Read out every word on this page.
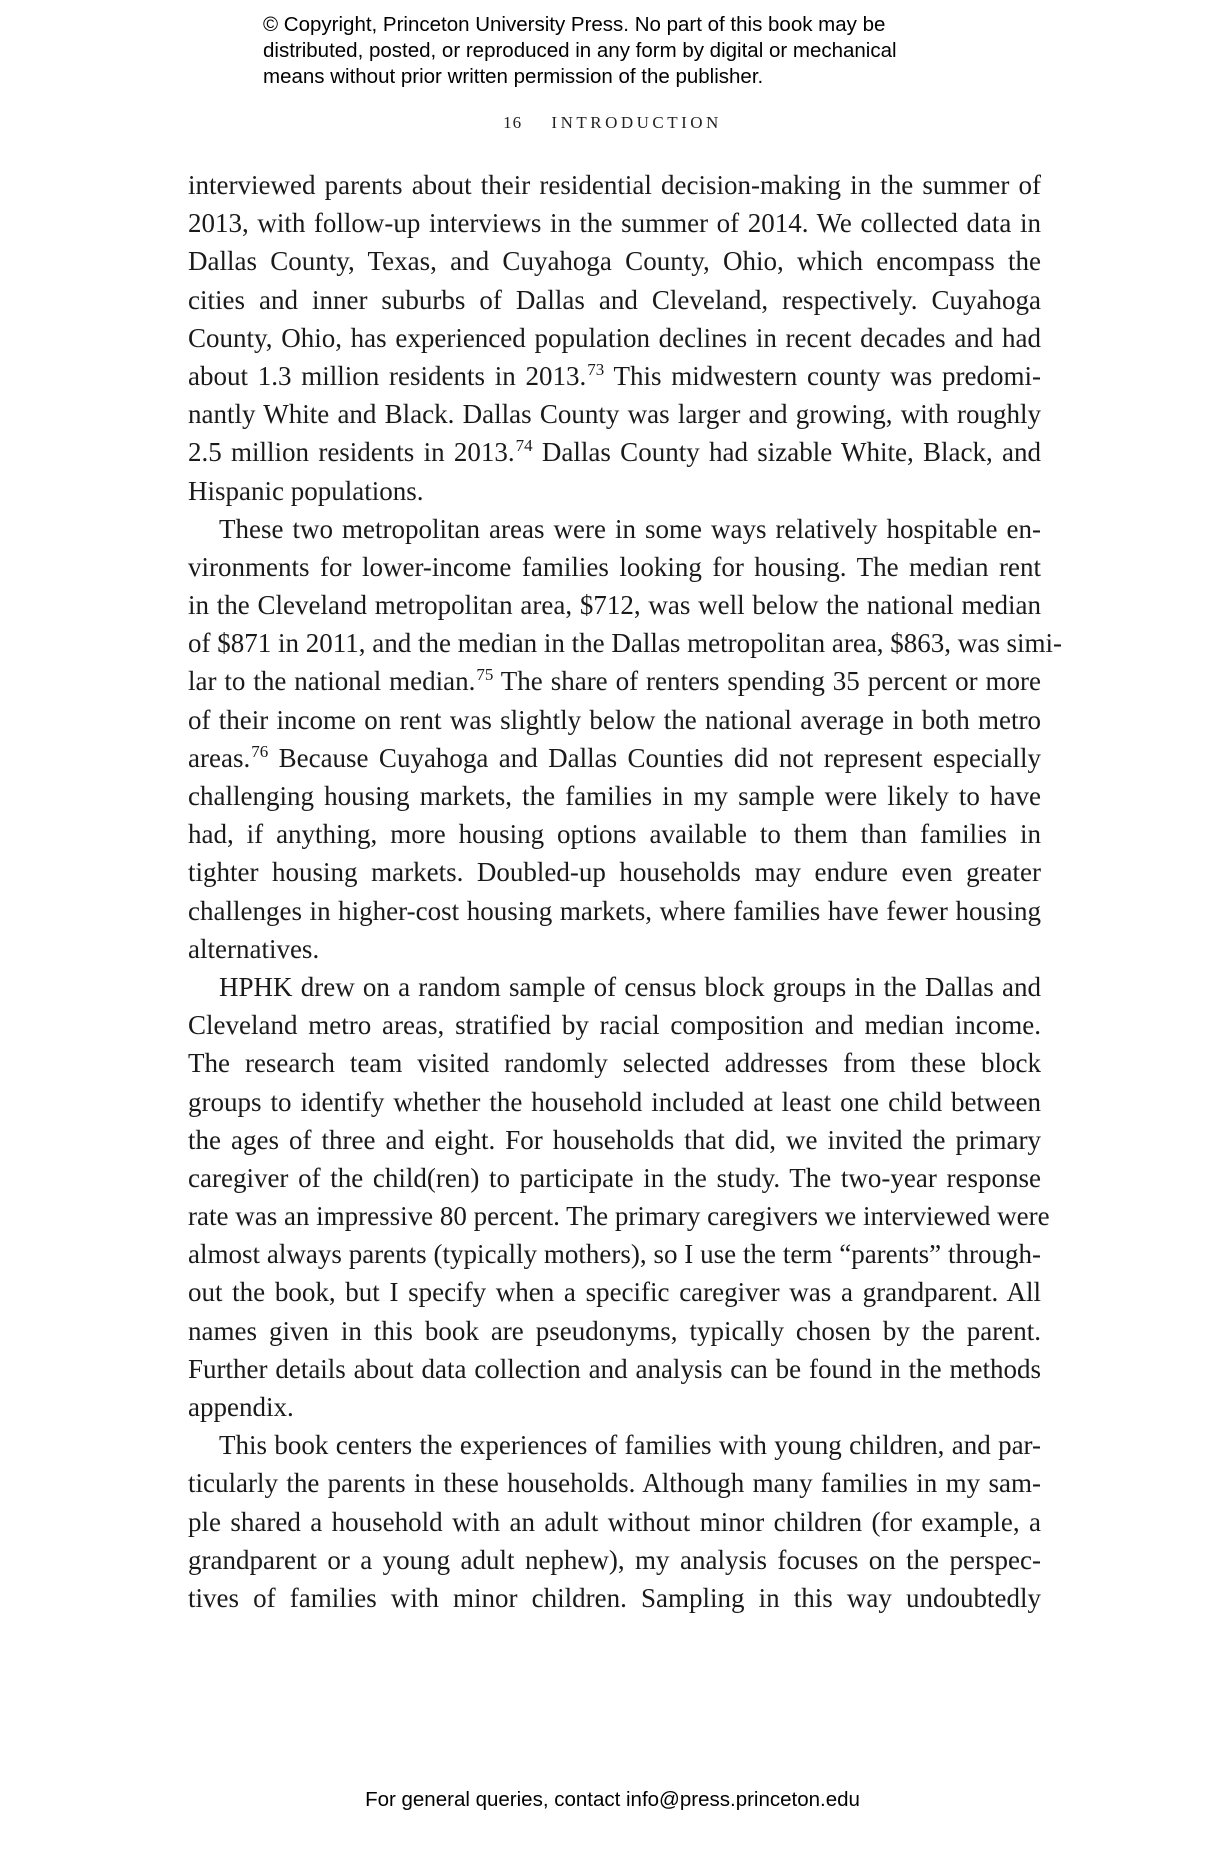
© Copyright, Princeton University Press. No part of this book may be
distributed, posted, or reproduced in any form by digital or mechanical
means without prior written permission of the publisher.
16 INTRODUCTION
interviewed parents about their residential decision-making in the summer of
2013, with follow-up interviews in the summer of 2014. We collected data in
Dallas County, Texas, and Cuyahoga County, Ohio, which encompass the
cities and inner suburbs of Dallas and Cleveland, respectively. Cuyahoga
County, Ohio, has experienced population declines in recent decades and had
about 1.3 million residents in 2013.73 This midwestern county was predomi-
nantly White and Black. Dallas County was larger and growing, with roughly
2.5 million residents in 2013.74 Dallas County had sizable White, Black, and
Hispanic populations.
These two metropolitan areas were in some ways relatively hospitable en-
vironments for lower-income families looking for housing. The median rent
in the Cleveland metropolitan area, $712, was well below the national median
of $871 in 2011, and the median in the Dallas metropolitan area, $863, was simi-
lar to the national median.$^{75}$ The share of renters spending 35 percent or more
of their income on rent was slightly below the national average in both metro
areas.$^{76}$ Because Cuyahoga and Dallas Counties did not represent especially
challenging housing markets, the families in my sample were likely to have
had, if anything, more housing options available to them than families in
tighter housing markets. Doubled-up households may endure even greater
challenges in higher-cost housing markets, where families have fewer housing
alternatives.
HPHK drew on a random sample of census block groups in the Dallas and
Cleveland metro areas, stratified by racial composition and median income.
The research team visited randomly selected addresses from these block
groups to identify whether the household included at least one child between
the ages of three and eight. For households that did, we invited the primary
caregiver of the child(ren) to participate in the study. The two-year response
rate was an impressive 80 percent. The primary caregivers we interviewed were
almost always parents (typically mothers), so I use the term “parents” through-
out the book, but I specify when a specific caregiver was a grandparent. All
names given in this book are pseudonyms, typically chosen by the parent.
Further details about data collection and analysis can be found in the methods
appendix.
This book centers the experiences of families with young children, and par-
ticularly the parents in these households. Although many families in my sam-
ple shared a household with an adult without minor children (for example, a
grandparent or a young adult nephew), my analysis focuses on the perspec-
tives of families with minor children. Sampling in this way undoubtedly
For general queries, contact info@press.princeton.edu
